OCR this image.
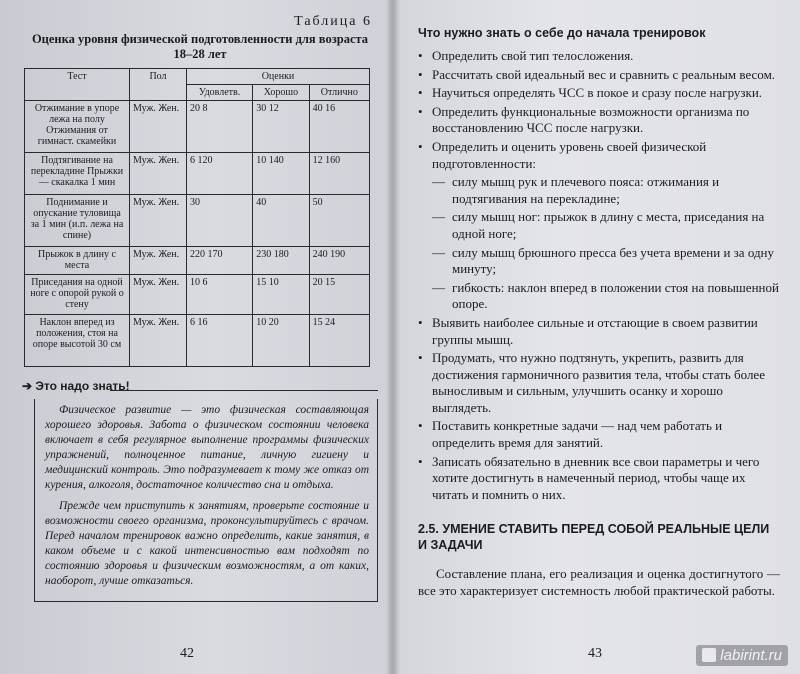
Таблица 6
Оценка уровня физической подготовленности для возраста 18–28 лет
Тест	Пол	Оценки		
		Удовлетв.	Хорошо	Отлично
Отжимание в упоре лежа на полу Отжимания от гимнаст. скамейки	Муж. Жен.	20 8	30 12	40 16
Подтягивание на перекладине Прыжки — скакалка 1 мин	Муж. Жен.	6 120	10 140	12 160
Поднимание и опускание туловища за 1 мин (и.п. лежа на спине)	Муж. Жен.	30	40	50
Прыжок в длину с места	Муж. Жен.	220 170	230 180	240 190
Приседания на одной ноге с опорой рукой о стену	Муж. Жен.	10 6	15 10	20 15
Наклон вперед из положения, стоя на опоре высотой 30 см	Муж. Жен.	6 16	10 20	15 24
➔ Это надо знать!

Физическое развитие — это физическая составляющая хорошего здоровья. Забота о физическом состоянии человека включает в себя регулярное выполнение программы физических упражнений, полноценное питание, личную гигиену и медицинский контроль. Это подразумевает к тому же отказ от курения, алкоголя, достаточное количество сна и отдыха.

Прежде чем приступить к занятиям, проверьте состояние и возможности своего организма, проконсультируйтесь с врачом. Перед началом тренировок важно определить, какие занятия, в каком объеме и с какой интенсивностью вам подходят по состоянию здоровья и физическим возможностям, а от каких, наоборот, лучше отказаться.

42
Что нужно знать о себе до начала тренировок
• Определить свой тип телосложения.
• Рассчитать свой идеальный вес и сравнить с реальным весом.
• Научиться определять ЧСС в покое и сразу после нагрузки.
• Определить функциональные возможности организма по восстановлению ЧСС после нагрузки.
• Определить и оценить уровень своей физической подготовленности:
— силу мышц рук и плечевого пояса: отжимания и подтягивания на перекладине;
— силу мышц ног: прыжок в длину с места, приседания на одной ноге;
— силу мышц брюшного пресса без учета времени и за одну минуту;
— гибкость: наклон вперед в положении стоя на повышенной опоре.
• Выявить наиболее сильные и отстающие в своем развитии группы мышц.
• Продумать, что нужно подтянуть, укрепить, развить для достижения гармоничного развития тела, чтобы стать более выносливым и сильным, улучшить осанку и хорошо выглядеть.
• Поставить конкретные задачи — над чем работать и определить время для занятий.
• Записать обязательно в дневник все свои параметры и чего хотите достигнуть в намеченный период, чтобы чаще их читать и помнить о них.
2.5. УМЕНИЕ СТАВИТЬ ПЕРЕД СОБОЙ РЕАЛЬНЫЕ ЦЕЛИ И ЗАДАЧИ

Составление плана, его реализация и оценка достигнутого — все это характеризует системность любой практической работы.

43	labirint.ru
